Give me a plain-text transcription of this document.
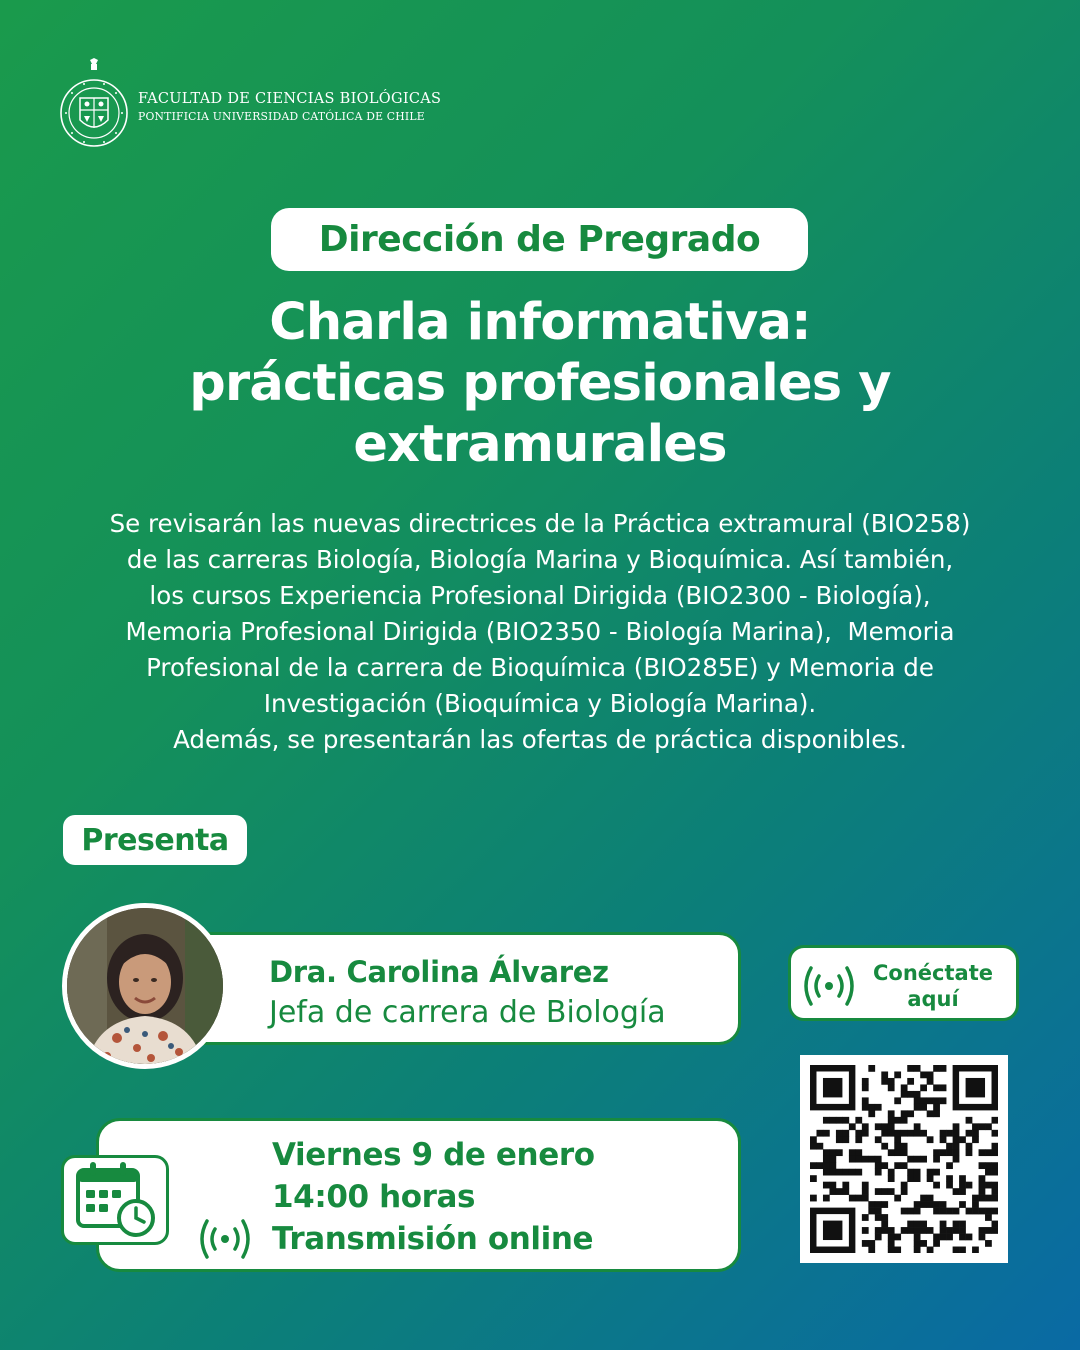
FACULTAD DE CIENCIAS BIOLÓGICAS
PONTIFICIA UNIVERSIDAD CATÓLICA DE CHILE
Dirección de Pregrado
Charla informativa:
prácticas profesionales y
extramurales
Se revisarán las nuevas directrices de la Práctica extramural (BIO258)
de las carreras Biología, Biología Marina y Bioquímica. Así también,
los cursos Experiencia Profesional Dirigida (BIO2300 - Biología),
Memoria Profesional Dirigida (BIO2350 - Biología Marina),  Memoria
Profesional de la carrera de Bioquímica (BIO285E) y Memoria de
Investigación (Bioquímica y Biología Marina).
Además, se presentarán las ofertas de práctica disponibles.
Presenta
Dra. Carolina Álvarez
Jefa de carrera de Biología
Viernes 9 de enero
14:00 horas
Transmisión online
Conéctate
aquí
